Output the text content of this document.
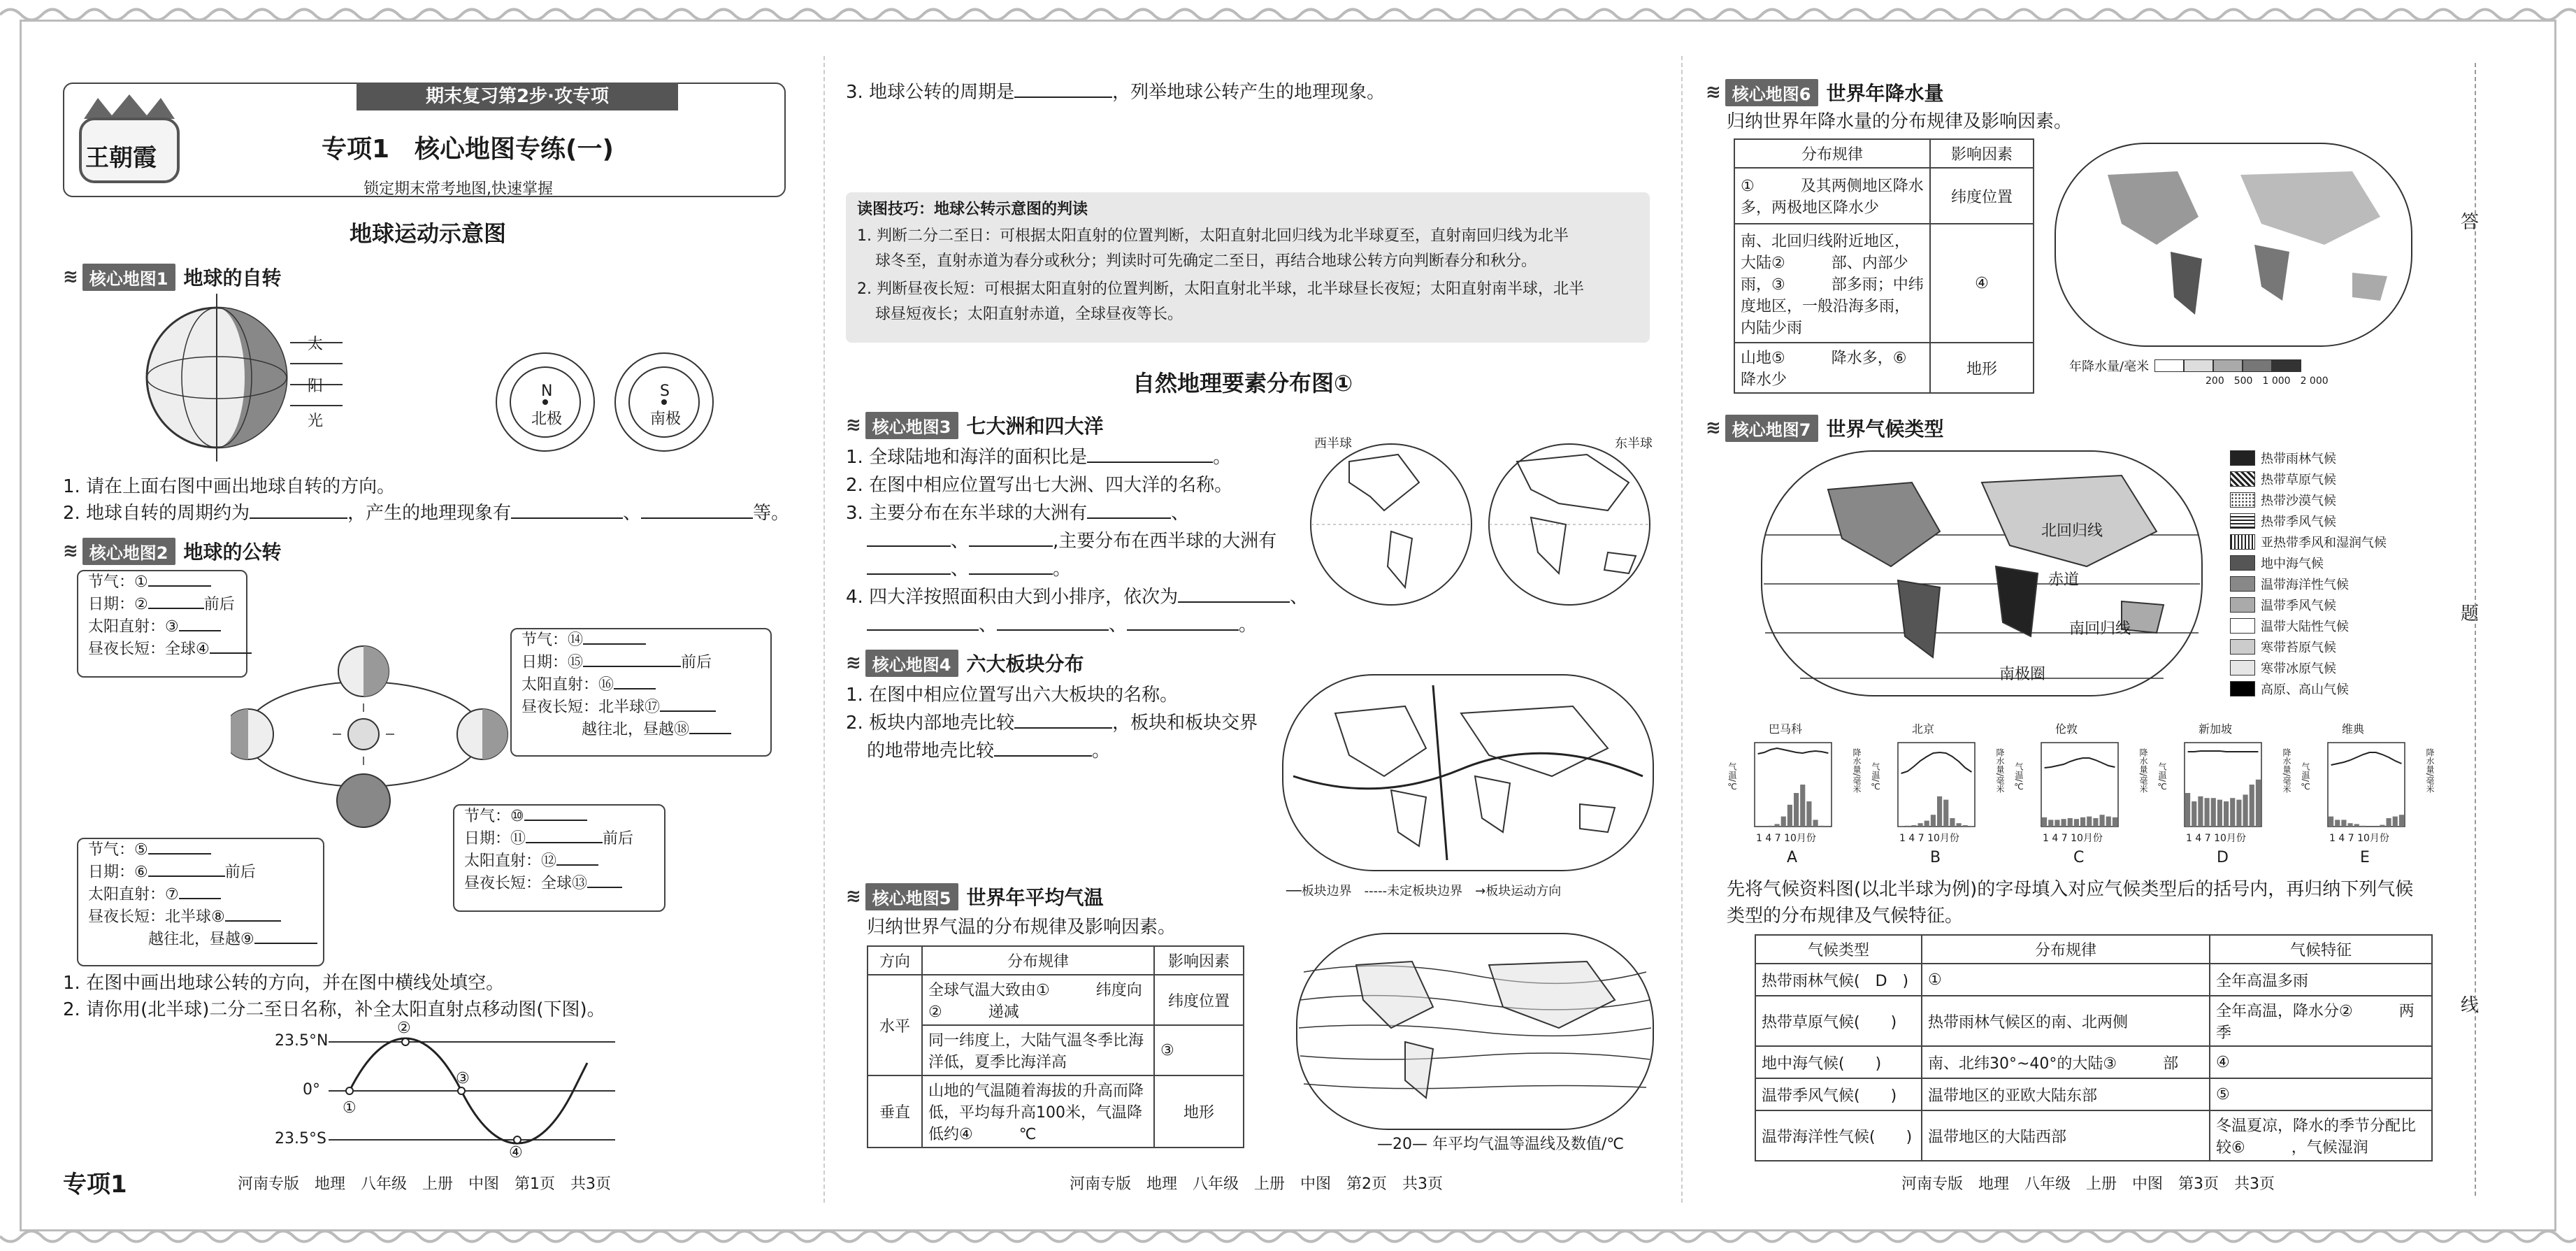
期末复习第2步·攻专项
王朝霞	专项1　核心地图专练(一)
锁定期末常考地图,快速掌握
地球运动示意图
≋ 核心地图1 地球的自转
太
阳
光
N
北极
S
南极
1. 请在上面右图中画出地球自转的方向。
2. 地球自转的周期约为	，产生的地理现象有	、	等。
≋ 核心地图2 地球的公转
节气：①
日期：②	前后
太阳直射：③
昼夜长短：全球④
节气：⑭
日期：⑮	前后
太阳直射：⑯
昼夜长短：北半球⑰
越往北，昼越⑱
节气：⑩
日期：⑪	前后
太阳直射：⑫
昼夜长短：全球⑬
节气：⑤
日期：⑥	前后
太阳直射：⑦
昼夜长短：北半球⑧
越往北，昼越⑨
1. 在图中画出地球公转的方向，并在图中横线处填空。
2. 请你用(北半球)二分二至日名称，补全太阳直射点移动图(下图)。
23.5°N
0°
23.5°S
①
②
③
④
专项1	河南专版　地理　八年级　上册　中图　第1页　共3页
3. 地球公转的周期是	，列举地球公转产生的地理现象。
读图技巧：地球公转示意图的判读
1. 判断二分二至日：可根据太阳直射的位置判断，太阳直射北回归线为北半球夏至，直射南回归线为北半
球冬至，直射赤道为春分或秋分；判读时可先确定二至日，再结合地球公转方向判断春分和秋分。
2. 判断昼夜长短：可根据太阳直射的位置判断，太阳直射北半球，北半球昼长夜短；太阳直射南半球，北半
球昼短夜长；太阳直射赤道，全球昼夜等长。
自然地理要素分布图①
≋ 核心地图3 七大洲和四大洋
1. 全球陆地和海洋的面积比是	。
2. 在图中相应位置写出七大洲、四大洋的名称。
3. 主要分布在东半球的大洲有	、
、	,主要分布在西半球的大洲有
、	。
4. 四大洋按照面积由大到小排序，依次为	、
、	、	。
西半球	东半球
≋ 核心地图4 六大板块分布
1. 在图中相应位置写出六大板块的名称。
2. 板块内部地壳比较	，板块和板块交界
的地带地壳比较	。
──板块边界　-----未定板块边界　→板块运动方向
≋ 核心地图5 世界年平均气温
归纳世界气温的分布规律及影响因素。
方向	分布规律	影响因素
水平	全球气温大致由①　　　纬度向②　　　递减	纬度位置
	同一纬度上，大陆气温冬季比海洋低，夏季比海洋高	③
垂直	山地的气温随着海拔的升高而降低，平均每升高100米，气温降低约④　　　℃	地形
—20— 年平均气温等温线及数值/℃
河南专版　地理　八年级　上册　中图　第2页　共3页
≋ 核心地图6 世界年降水量
归纳世界年降水量的分布规律及影响因素。
分布规律	影响因素
①　　　及其两侧地区降水多，两极地区降水少	纬度位置
南、北回归线附近地区，大陆②　　　部、内部少雨，③　　　部多雨；中纬度地区，一般沿海多雨，内陆少雨	④
山地⑤　　　降水多，⑥　　　降水少	地形	年降水量/毫米
200　 500　 1 000　 2 000
≋ 核心地图7 世界气候类型
北回归线
赤道
南回归线
南极圈
热带雨林气候
热带草原气候
热带沙漠气候
热带季风气候
亚热带季风和湿润气候
地中海气候
温带海洋性气候
温带季风气候
温带大陆性气候
寒带苔原气候
寒带冰原气候
高原、高山气候
巴马科
气温/℃	降水量/毫米
1 4 7 10月份
A
北京
气温/℃	降水量/毫米
1 4 7 10月份
B
伦敦
气温/℃	降水量/毫米
1 4 7 10月份
C
新加坡
气温/℃	降水量/毫米
1 4 7 10月份
D
维典
气温/℃	降水量/毫米
1 4 7 10月份
E
先将气候资料图(以北半球为例)的字母填入对应气候类型后的括号内，再归纳下列气候
类型的分布规律及气候特征。
气候类型	分布规律	气候特征
热带雨林气候(　D　)	①	全年高温多雨
热带草原气候(　　)	热带雨林气候区的南、北两侧	全年高温，降水分②　　　两季
地中海气候(　　)	南、北纬30°~40°的大陆③　　　部	④
温带季风气候(　　)	温带地区的亚欧大陆东部	⑤
温带海洋性气候(　　)	温带地区的大陆西部	冬温夏凉，降水的季节分配比较⑥　　　，气候湿润
答
题
线
河南专版　地理　八年级　上册　中图　第3页　共3页
